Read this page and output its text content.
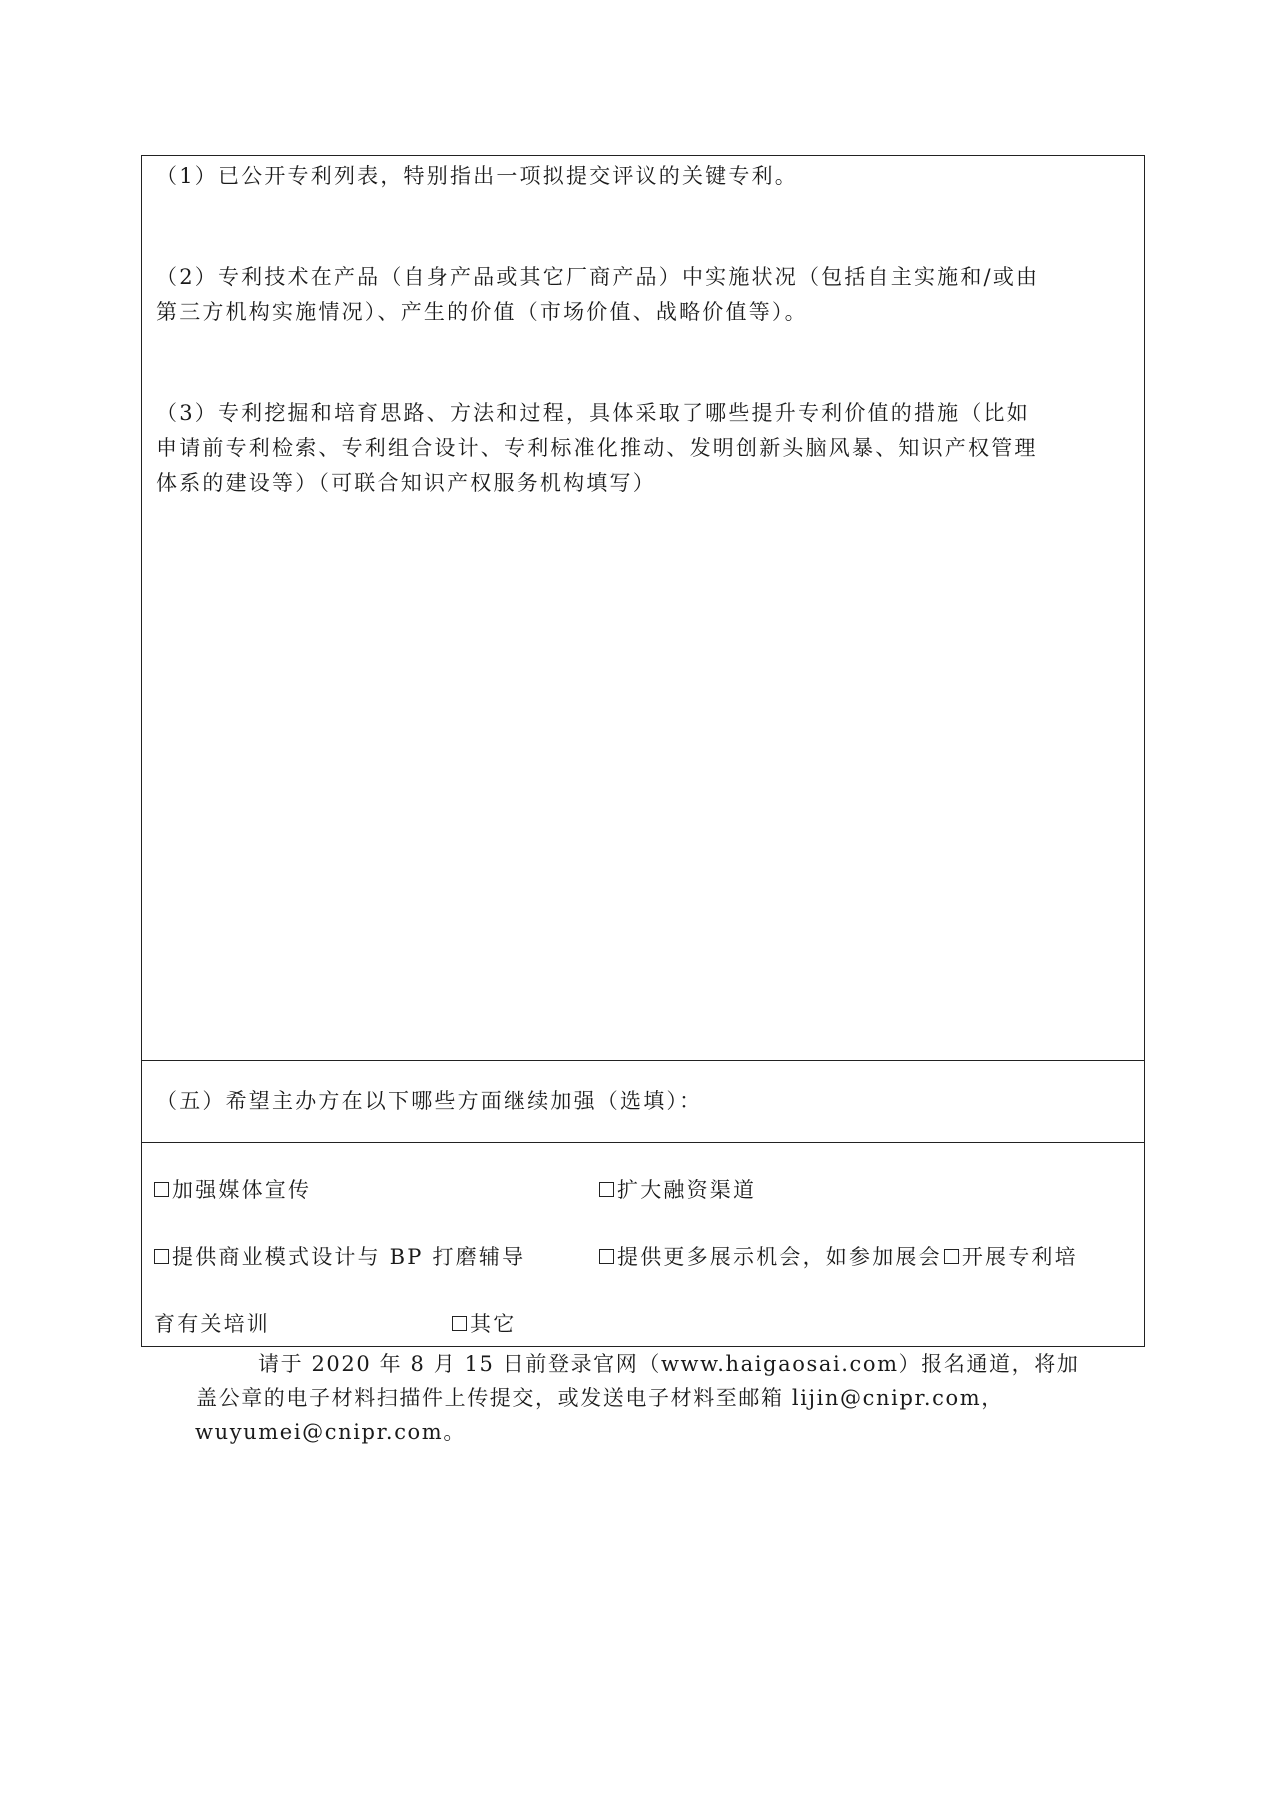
（1）已公开专利列表，特别指出一项拟提交评议的关键专利。

（2）专利技术在产品（自身产品或其它厂商产品）中实施状况（包括自主实施和/或由
第三方机构实施情况）、产生的价值（市场价值、战略价值等）。

（3）专利挖掘和培育思路、方法和过程，具体采取了哪些提升专利价值的措施（比如
申请前专利检索、专利组合设计、专利标准化推动、发明创新头脑风暴、知识产权管理
体系的建设等）（可联合知识产权服务机构填写）

（五）希望主办方在以下哪些方面继续加强（选填）：

加强媒体宣传	扩大融资渠道
提供商业模式设计与 BP 打磨辅导	提供更多展示机会，如参加展会 开展专利培
育有关培训	其它

请于 2020 年 8 月 15 日前登录官网（www.haigaosai.com）报名通道，将加
盖公章的电子材料扫描件上传提交，或发送电子材料至邮箱 lijin@cnipr.com，
wuyumei@cnipr.com。
